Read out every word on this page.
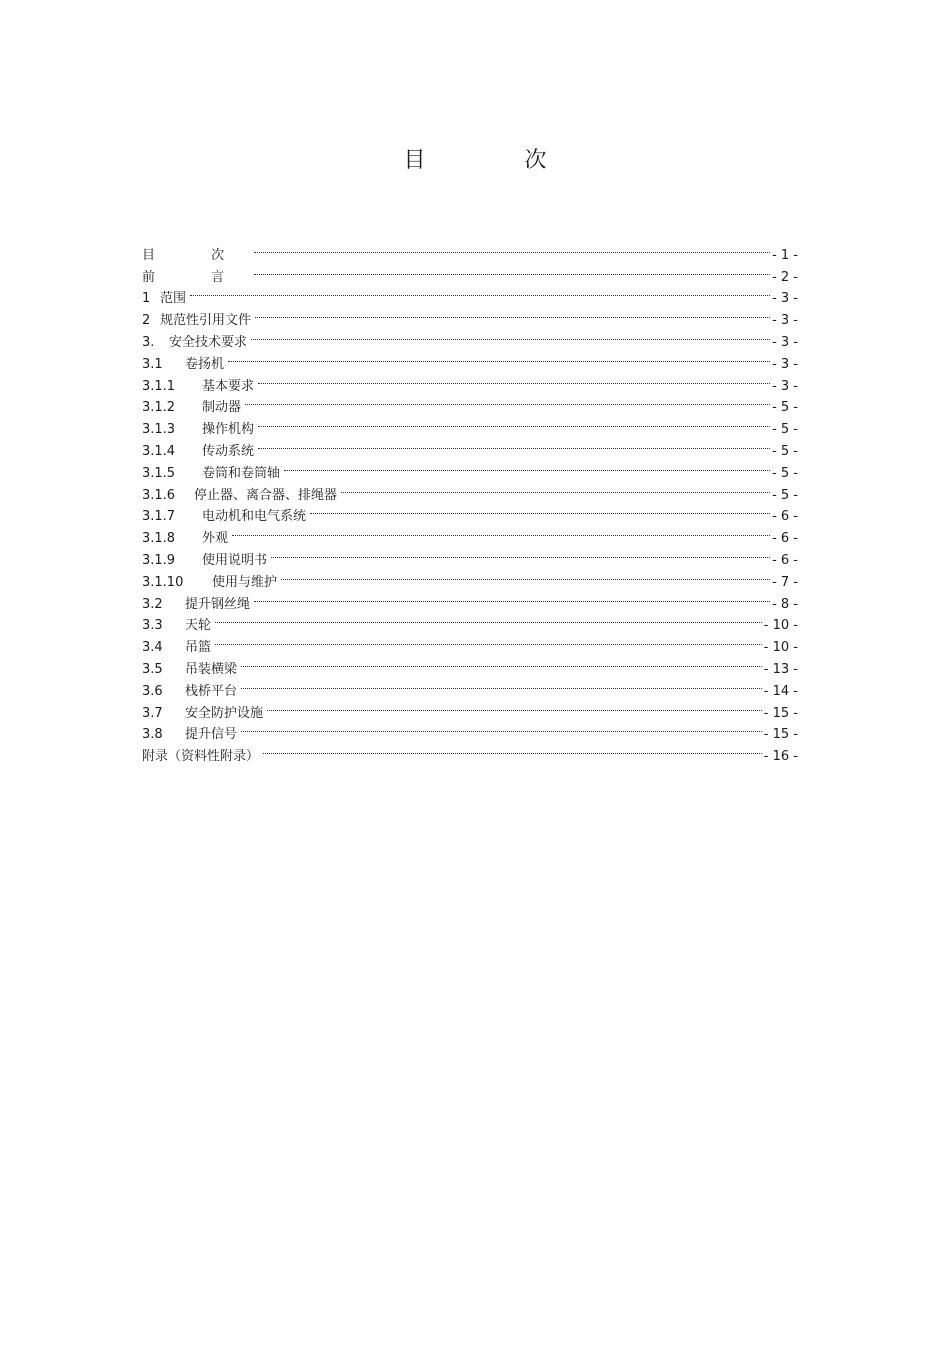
目 次
目 次	- 1 -
前 言	- 2 -
1 范围	- 3 -
2 规范性引用文件	- 3 -
3.	安全技术要求	- 3 -
3.1	卷扬机	- 3 -
3.1.1	基本要求	- 3 -
3.1.2	制动器	- 5 -
3.1.3	操作机构	- 5 -
3.1.4	传动系统	- 5 -
3.1.5	卷筒和卷筒轴	- 5 -
3.1.6	停止器、离合器、排绳器	- 5 -
3.1.7	电动机和电气系统	- 6 -
3.1.8	外观	- 6 -
3.1.9	使用说明书	- 6 -
3.1.10	使用与维护	- 7 -
3.2	提升钢丝绳	- 8 -
3.3	天轮	- 10 -
3.4	吊篮	- 10 -
3.5	吊装横梁	- 13 -
3.6	栈桥平台	- 14 -
3.7	安全防护设施	- 15 -
3.8	提升信号	- 15 -
附录（资料性附录）	- 16 -
